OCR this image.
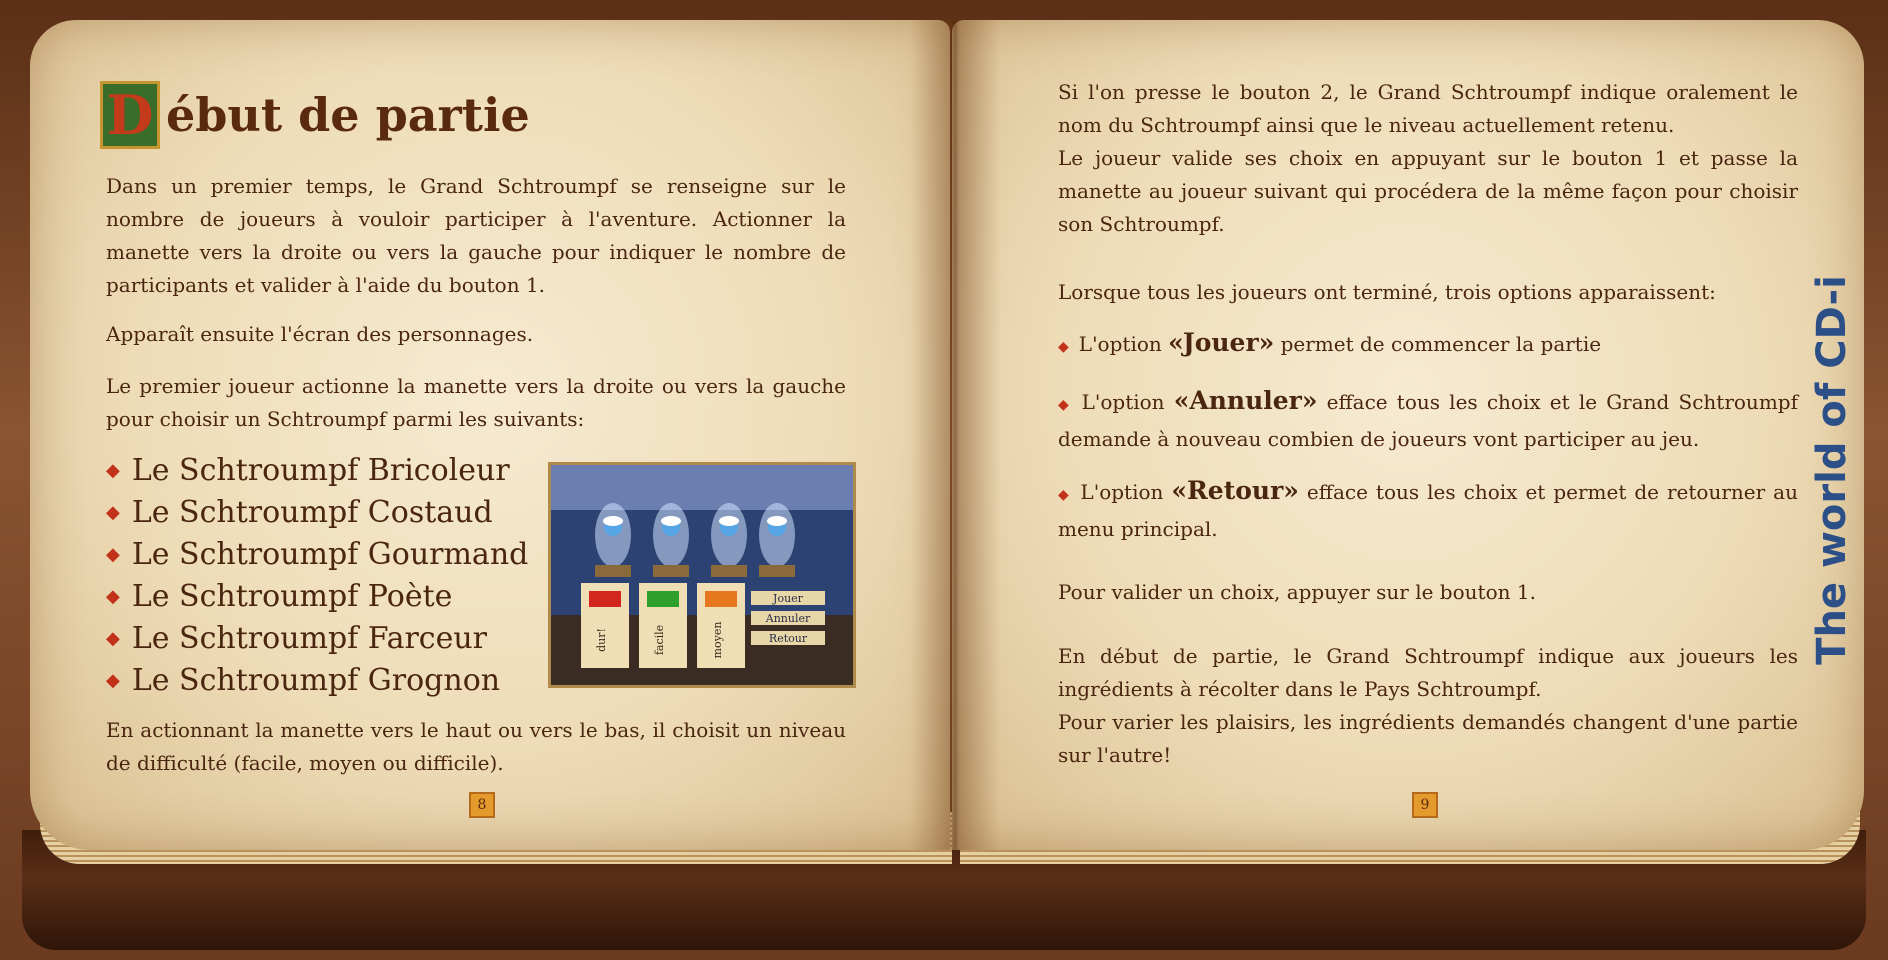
D ébut de partie
Dans un premier temps, le Grand Schtroumpf se renseigne sur le nombre de joueurs à vouloir participer à l'aventure. Actionner la manette vers la droite ou vers la gauche pour indiquer le nombre de participants et valider à l'aide du bouton 1.
Apparaît ensuite l'écran des personnages.
Le premier joueur actionne la manette vers la droite ou vers la gauche pour choisir un Schtroumpf parmi les suivants:
◆ Le Schtroumpf Bricoleur
◆ Le Schtroumpf Costaud
◆ Le Schtroumpf Gourmand
◆ Le Schtroumpf Poète
◆ Le Schtroumpf Farceur
◆ Le Schtroumpf Grognon
dur!	facile	moyen
Jouer
Annuler
Retour
En actionnant la manette vers le haut ou vers le bas, il choisit un niveau de difficulté (facile, moyen ou difficile).
8
Si l'on presse le bouton 2, le Grand Schtroumpf indique oralement le nom du Schtroumpf ainsi que le niveau actuellement retenu.
Le joueur valide ses choix en appuyant sur le bouton 1 et passe la manette au joueur suivant qui procédera de la même façon pour choisir son Schtroumpf.
Lorsque tous les joueurs ont terminé, trois options apparaissent:
◆ L'option «Jouer» permet de commencer la partie
◆ L'option «Annuler» efface tous les choix et le Grand Schtroumpf demande à nouveau combien de joueurs vont participer au jeu.
◆ L'option «Retour» efface tous les choix et permet de retourner au menu principal.
Pour valider un choix, appuyer sur le bouton 1.
En début de partie, le Grand Schtroumpf indique aux joueurs les ingrédients à récolter dans le Pays Schtroumpf.
Pour varier les plaisirs, les ingrédients demandés changent d'une partie sur l'autre!
9
The world of CD-i
